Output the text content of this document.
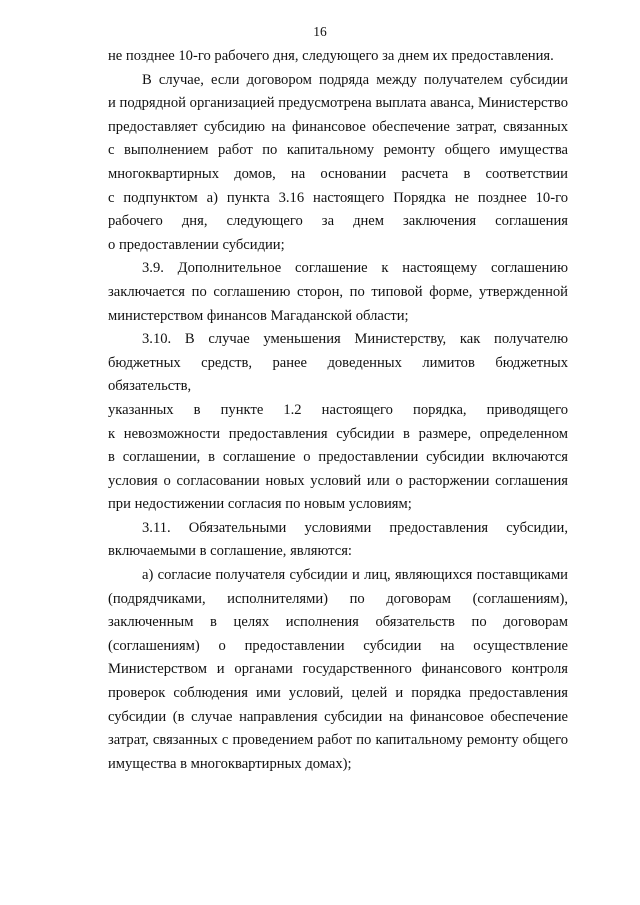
16
не позднее 10-го рабочего дня, следующего за днем их предоставления.
В случае, если договором подряда между получателем субсидии
и подрядной организацией предусмотрена выплата аванса, Министерство
предоставляет субсидию на финансовое обеспечение затрат, связанных
с выполнением работ по капитальному ремонту общего имущества
многоквартирных домов, на основании расчета в соответствии
с подпунктом а) пункта 3.16 настоящего Порядка не позднее 10-го
рабочего дня, следующего за днем заключения соглашения
о предоставлении субсидии;
3.9. Дополнительное соглашение к настоящему соглашению
заключается по соглашению сторон, по типовой форме, утвержденной
министерством финансов Магаданской области;
3.10. В случае уменьшения Министерству, как получателю
бюджетных средств, ранее доведенных лимитов бюджетных обязательств,
указанных в пункте 1.2 настоящего порядка, приводящего
к невозможности предоставления субсидии в размере, определенном
в соглашении, в соглашение о предоставлении субсидии включаются
условия о согласовании новых условий или о расторжении соглашения
при недостижении согласия по новым условиям;
3.11. Обязательными условиями предоставления субсидии,
включаемыми в соглашение, являются:
а) согласие получателя субсидии и лиц, являющихся поставщиками
(подрядчиками, исполнителями) по договорам (соглашениям),
заключенным в целях исполнения обязательств по договорам
(соглашениям) о предоставлении субсидии на осуществление
Министерством и органами государственного финансового контроля
проверок соблюдения ими условий, целей и порядка предоставления
субсидии (в случае направления субсидии на финансовое обеспечение
затрат, связанных с проведением работ по капитальному ремонту общего
имущества в многоквартирных домах);
